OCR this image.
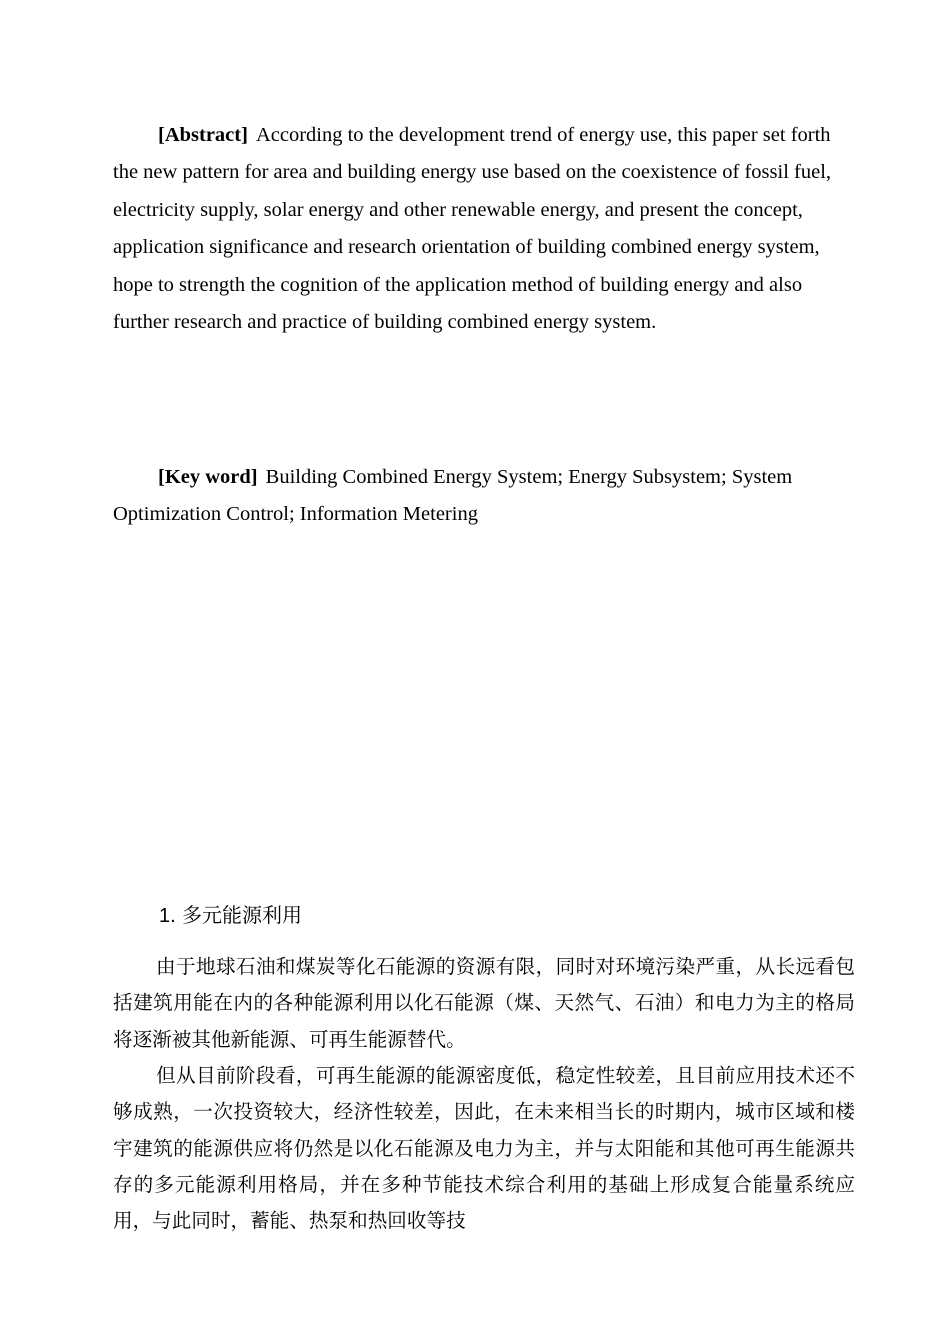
[Abstract] According to the development trend of energy use, this paper set forth the new pattern for area and building energy use based on the coexistence of fossil fuel, electricity supply, solar energy and other renewable energy, and present the concept, application significance and research orientation of building combined energy system, hope to strength the cognition of the application method of building energy and also further research and practice of building combined energy system.

[Key word] Building Combined Energy System; Energy Subsystem; System Optimization Control; Information Metering

1. 多元能源利用

由于地球石油和煤炭等化石能源的资源有限，同时对环境污染严重，从长远看包括建筑用能在内的各种能源利用以化石能源（煤、天然气、石油）和电力为主的格局将逐渐被其他新能源、可再生能源替代。

但从目前阶段看，可再生能源的能源密度低，稳定性较差，且目前应用技术还不够成熟，一次投资较大，经济性较差，因此，在未来相当长的时期内，城市区域和楼宇建筑的能源供应将仍然是以化石能源及电力为主，并与太阳能和其他可再生能源共存的多元能源利用格局，并在多种节能技术综合利用的基础上形成复合能量系统应用，与此同时，蓄能、热泵和热回收等技
